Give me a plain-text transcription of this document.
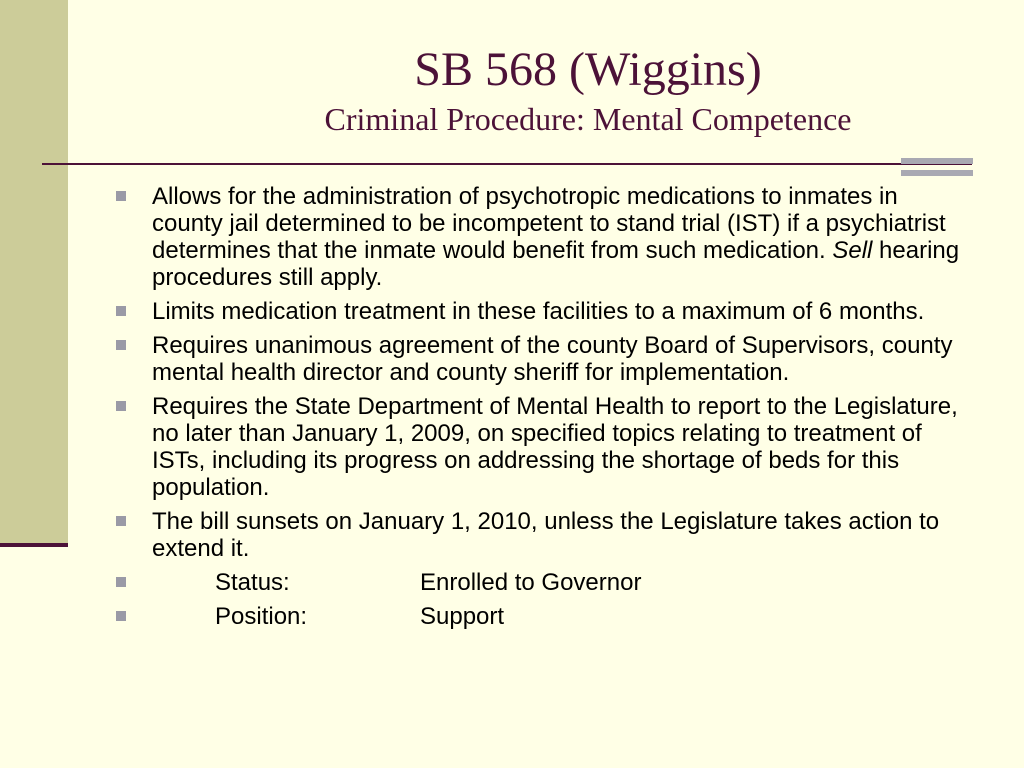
SB 568 (Wiggins)
Criminal Procedure: Mental Competence
Allows for the administration of psychotropic medications to inmates in county jail determined to be incompetent to stand trial (IST) if a psychiatrist determines that the inmate would benefit from such medication. Sell hearing procedures still apply.
Limits medication treatment in these facilities to a maximum of 6 months.
Requires unanimous agreement of the county Board of Supervisors, county mental health director and county sheriff for implementation.
Requires the State Department of Mental Health to report to the Legislature, no later than January 1, 2009, on specified topics relating to treatment of ISTs, including its progress on addressing the shortage of beds for this population.
The bill sunsets on January 1, 2010, unless the Legislature takes action to extend it.
Status:	Enrolled to Governor
Position:	Support
